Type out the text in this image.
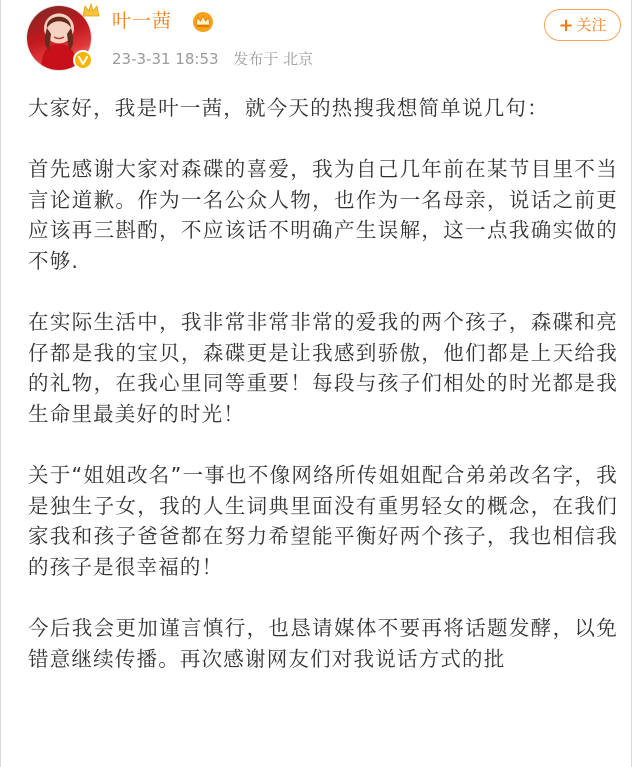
叶一茜
23-3-31 18:53 发布于 北京
+ 关注

大家好，我是叶一茜，就今天的热搜我想简单说几句：

首先感谢大家对森碟的喜爱，我为自己几年前在某节目里不当言论道歉。作为一名公众人物，也作为一名母亲，说话之前更应该再三斟酌，不应该话不明确产生误解，这一点我确实做的不够.

在实际生活中，我非常非常非常的爱我的两个孩子，森碟和亮仔都是我的宝贝，森碟更是让我感到骄傲，他们都是上天给我的礼物，在我心里同等重要！每段与孩子们相处的时光都是我生命里最美好的时光！

关于“姐姐改名”一事也不像网络所传姐姐配合弟弟改名字，我是独生子女，我的人生词典里面没有重男轻女的概念，在我们家我和孩子爸爸都在努力希望能平衡好两个孩子，我也相信我的孩子是很幸福的！

今后我会更加谨言慎行，也恳请媒体不要再将话题发酵，以免错意继续传播。再次感谢网友们对我说话方式的批
